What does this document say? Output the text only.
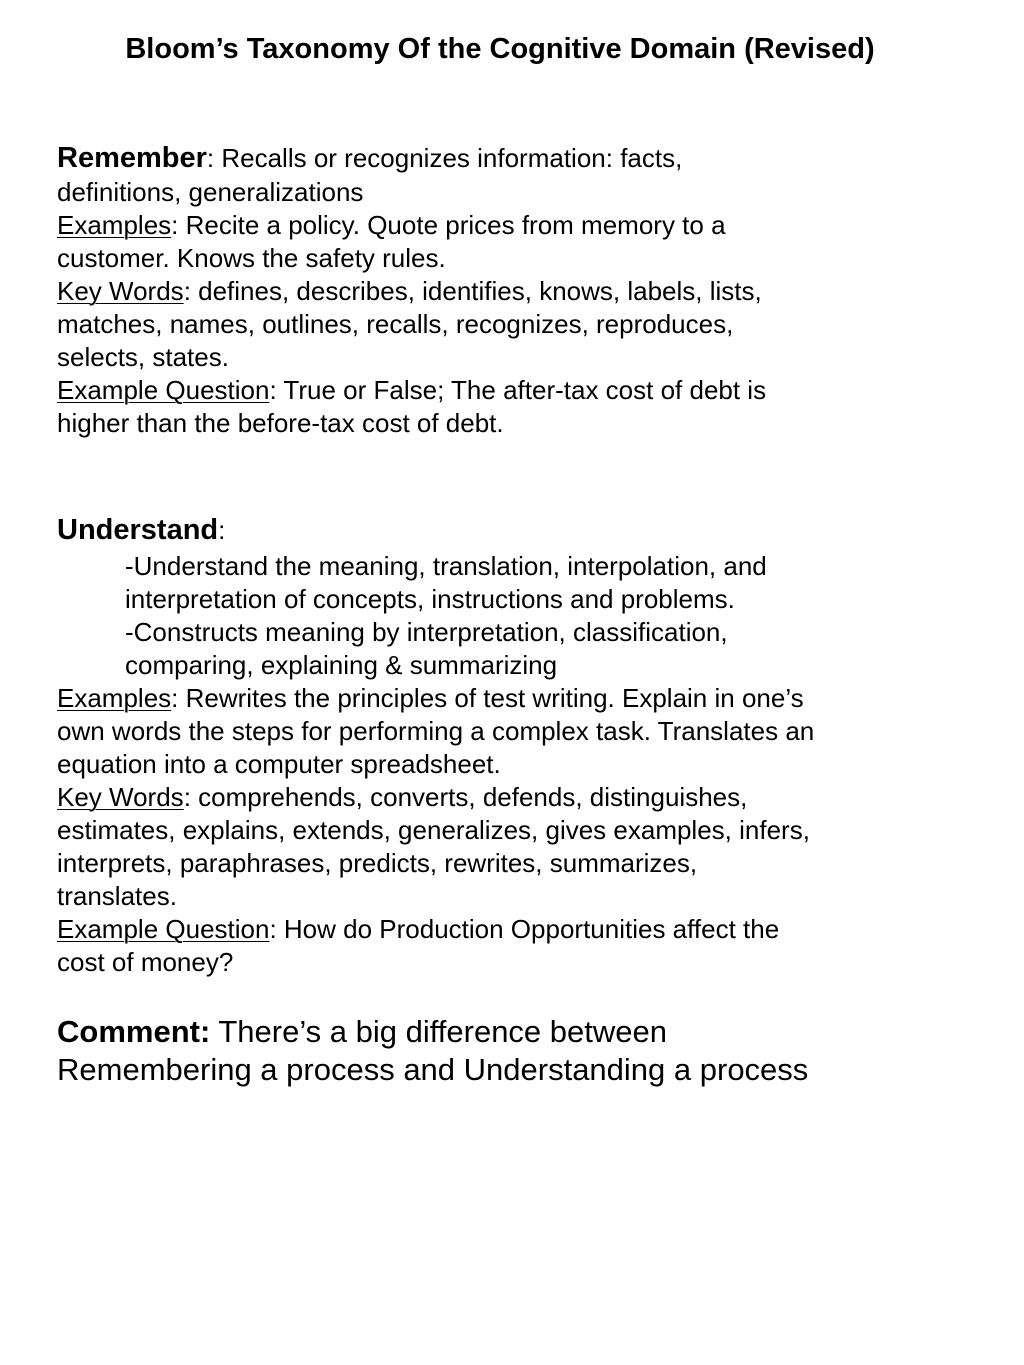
Bloom’s Taxonomy Of the Cognitive Domain (Revised)
Remember: Recalls or recognizes information: facts,
definitions, generalizations
Examples: Recite a policy. Quote prices from memory to a
customer. Knows the safety rules.
Key Words: defines, describes, identifies, knows, labels, lists,
matches, names, outlines, recalls, recognizes, reproduces,
selects, states.
Example Question: True or False; The after-tax cost of debt is
higher than the before-tax cost of debt.
Understand:
-Understand the meaning, translation, interpolation, and
interpretation of concepts, instructions and problems.
-Constructs meaning by interpretation, classification,
comparing, explaining & summarizing
Examples: Rewrites the principles of test writing. Explain in one’s
own words the steps for performing a complex task. Translates an
equation into a computer spreadsheet.
Key Words: comprehends, converts, defends, distinguishes,
estimates, explains, extends, generalizes, gives examples, infers,
interprets, paraphrases, predicts, rewrites, summarizes,
translates.
Example Question: How do Production Opportunities affect the
cost of money?
Comment: There’s a big difference between
Remembering a process and Understanding a process
